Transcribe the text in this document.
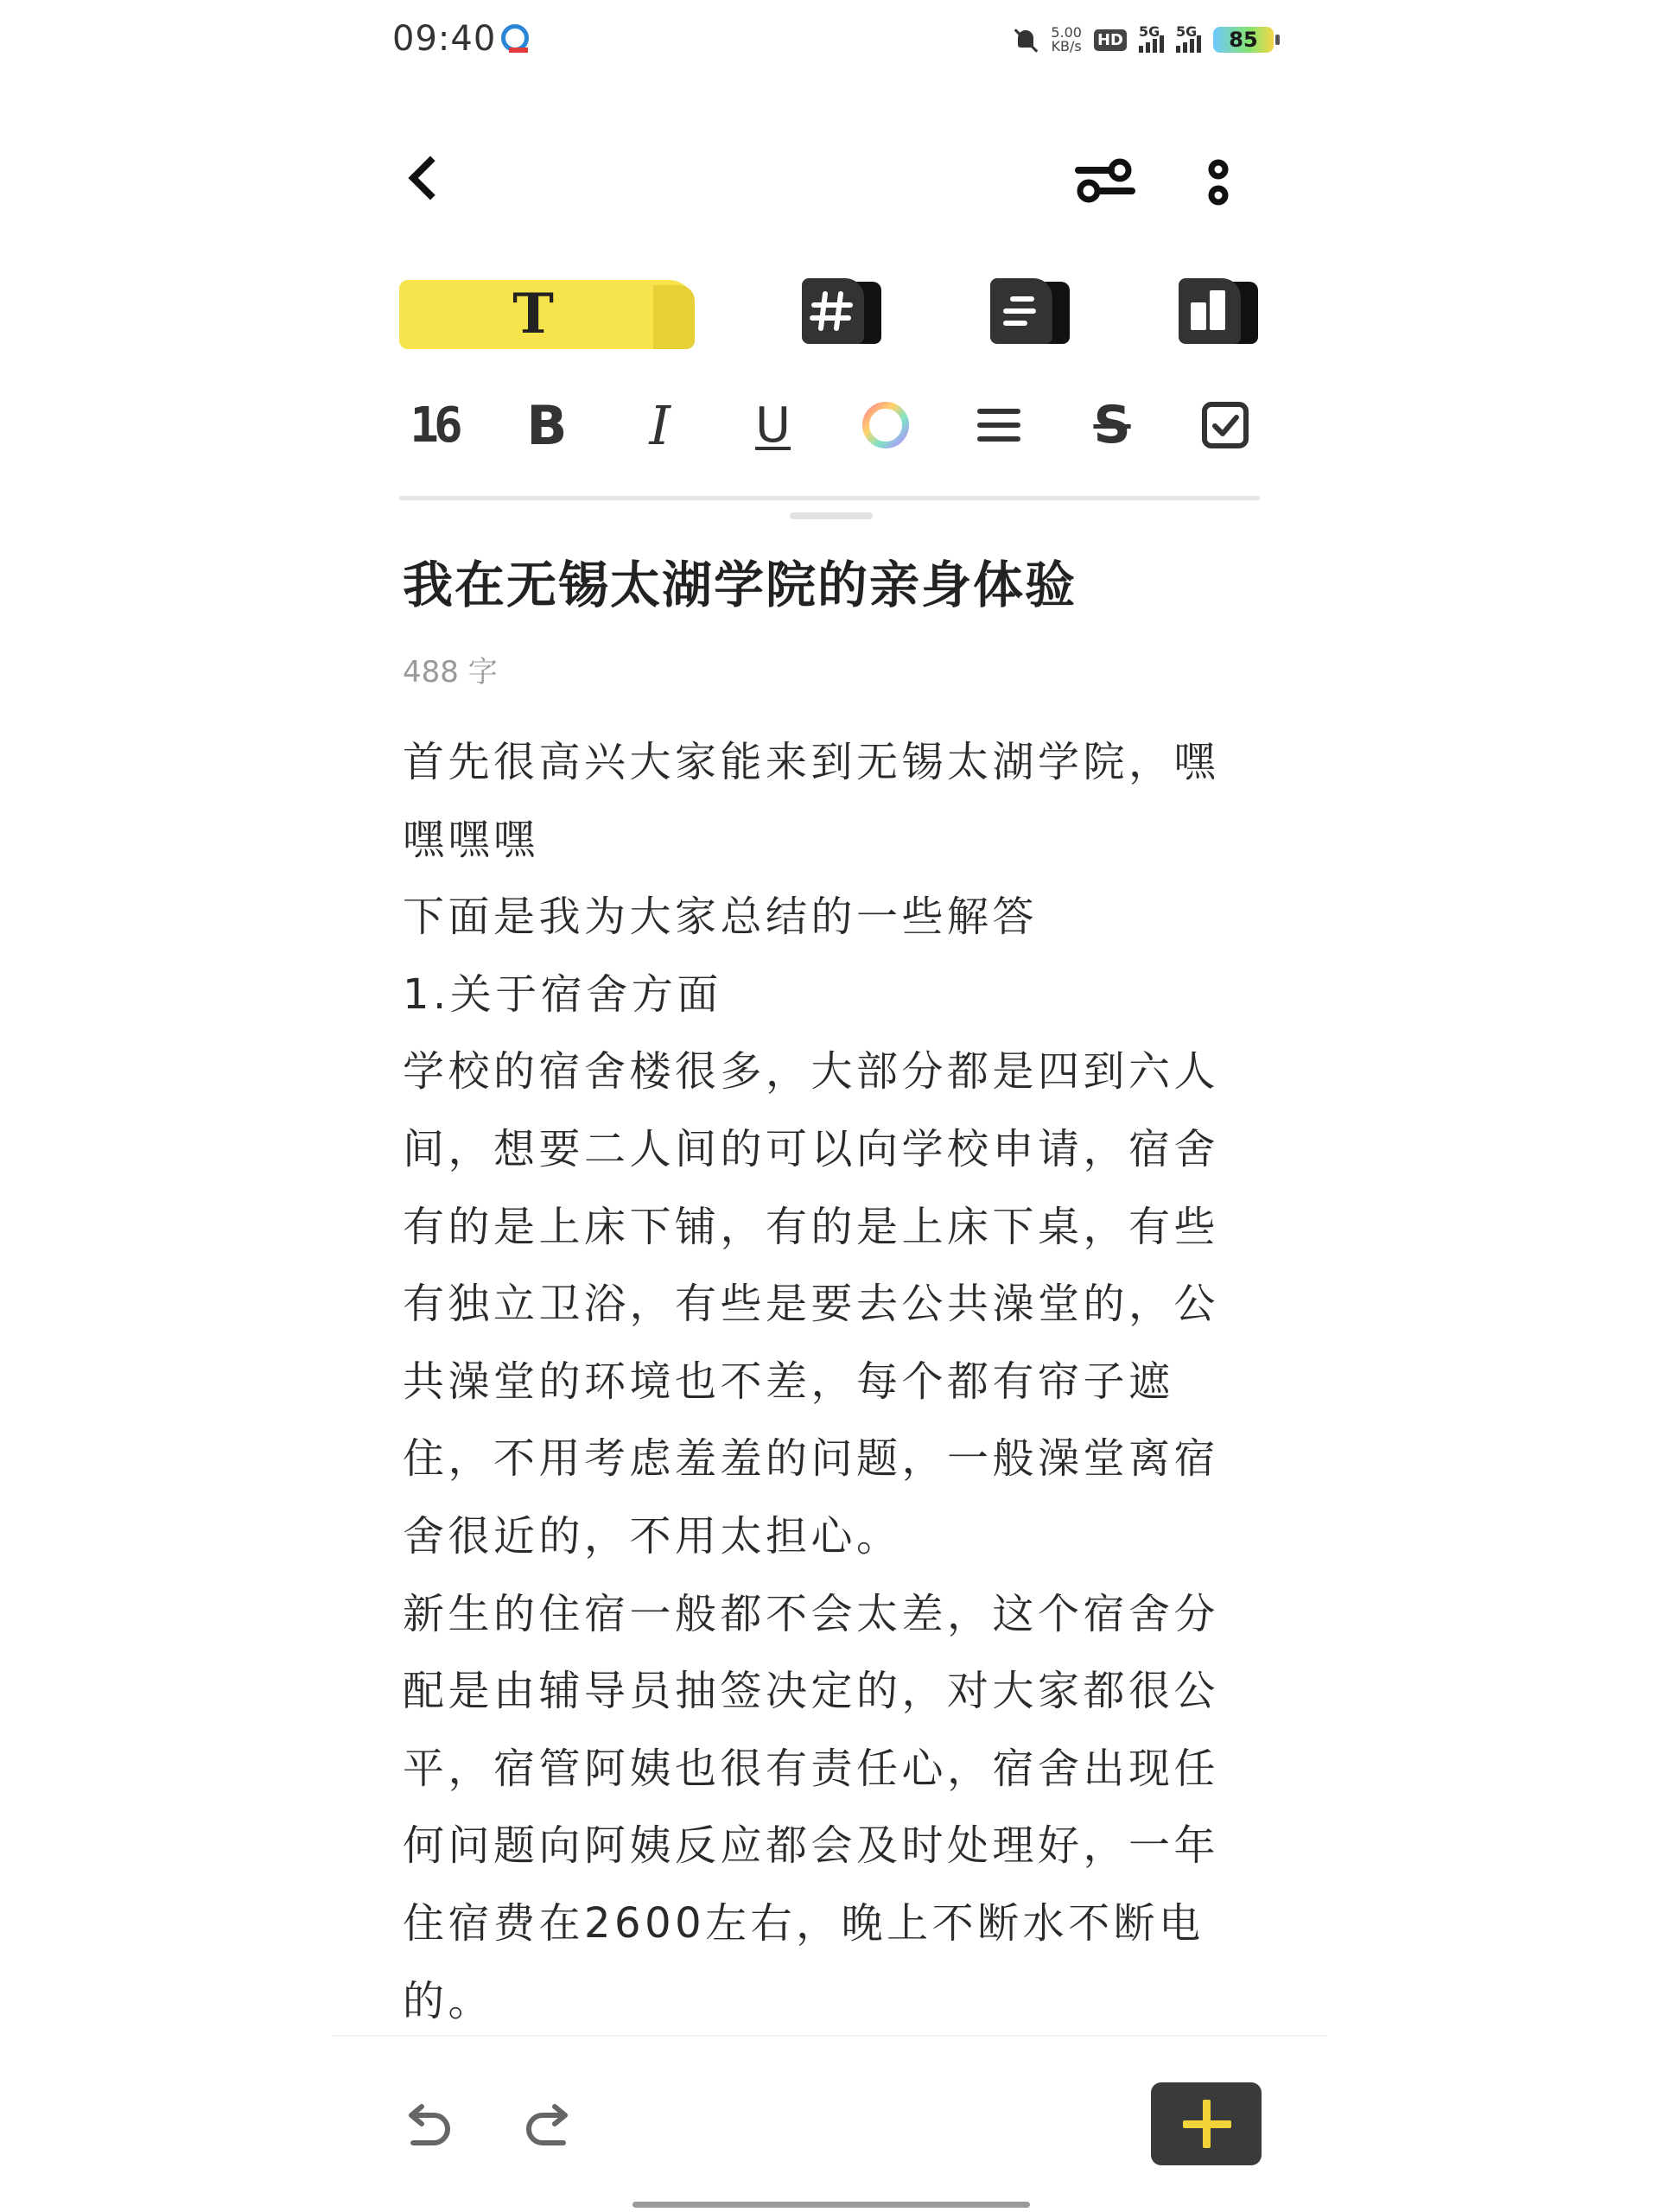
09:40	5.00
KB/s HD 5G 5G	85
T
16 B	I	U	S
我在无锡太湖学院的亲身体验
488 字

首先很高兴大家能来到无锡太湖学院，嘿嘿嘿嘿

下面是我为大家总结的一些解答

1.关于宿舍方面

学校的宿舍楼很多，大部分都是四到六人间，想要二人间的可以向学校申请，宿舍有的是上床下铺，有的是上床下桌，有些有独立卫浴，有些是要去公共澡堂的，公共澡堂的环境也不差，每个都有帘子遮住，不用考虑羞羞的问题，一般澡堂离宿舍很近的，不用太担心。

新生的住宿一般都不会太差，这个宿舍分配是由辅导员抽签决定的，对大家都很公平，宿管阿姨也很有责任心，宿舍出现任何问题向阿姨反应都会及时处理好，一年住宿费在2600左右，晚上不断水不断电的。
